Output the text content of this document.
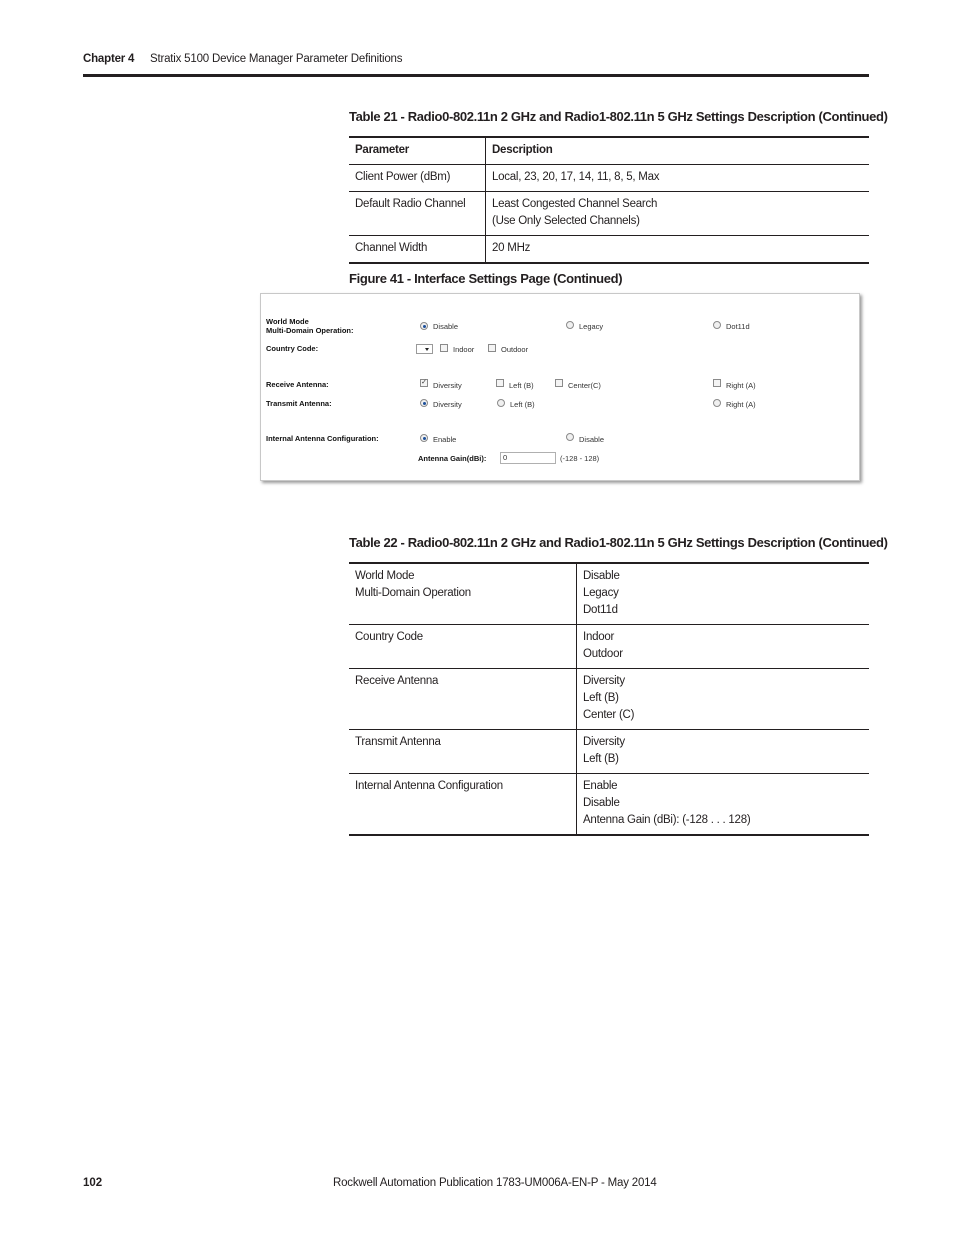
Chapter 4 Stratix 5100 Device Manager Parameter Definitions
Table 21 - Radio0-802.11n 2 GHz and Radio1-802.11n 5 GHz Settings Description (Continued)
Parameter	Description
Client Power (dBm)	Local, 23, 20, 17, 14, 11, 8, 5, Max

Default Radio Channel	Least Congested Channel Search
(Use Only Selected Channels)

Channel Width	20 MHz
Figure 41 - Interface Settings Page (Continued)
World Mode
Multi-Domain Operation:	Disable	Legacy	Dot11d
Country Code:	Indoor	Outdoor
Receive Antenna:	✓ Diversity	Left (B)	Center(C)	Right (A)
Transmit Antenna:	Diversity	Left (B)	Right (A)
Internal Antenna Configuration:	Enable	Disable
Antenna Gain(dBi):	0	(-128 - 128)
Table 22 - Radio0-802.11n 2 GHz and Radio1-802.11n 5 GHz Settings Description (Continued)
World Mode
Multi-Domain Operation	Disable
Legacy
Dot11d

Country Code	Indoor
Outdoor

Receive Antenna	Diversity
Left (B)
Center (C)

Transmit Antenna	Diversity
Left (B)

Internal Antenna Configuration	Enable
Disable
Antenna Gain (dBi): (-128 . . . 128)
102	Rockwell Automation Publication 1783-UM006A-EN-P - May 2014
